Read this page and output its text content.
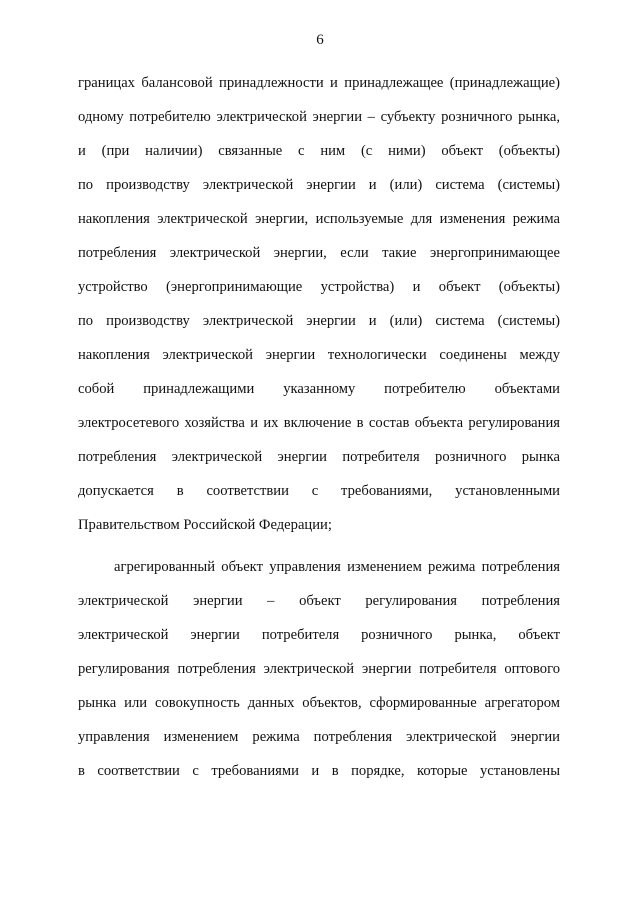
6
границах балансовой принадлежности и принадлежащее (принадлежащие)
одному потребителю электрической энергии – субъекту розничного рынка,
и (при наличии) связанные с ним (с ними) объект (объекты)
по производству электрической энергии и (или) система (системы)
накопления электрической энергии, используемые для изменения режима
потребления электрической энергии, если такие энергопринимающее
устройство (энергопринимающие устройства) и объект (объекты)
по производству электрической энергии и (или) система (системы)
накопления электрической энергии технологически соединены между
собой принадлежащими указанному потребителю объектами
электросетевого хозяйства и их включение в состав объекта регулирования
потребления электрической энергии потребителя розничного рынка
допускается в соответствии с требованиями, установленными
Правительством Российской Федерации;
агрегированный объект управления изменением режима потребления
электрической энергии – объект регулирования потребления
электрической энергии потребителя розничного рынка, объект
регулирования потребления электрической энергии потребителя оптового
рынка или совокупность данных объектов, сформированные агрегатором
управления изменением режима потребления электрической энергии
в соответствии с требованиями и в порядке, которые установлены
